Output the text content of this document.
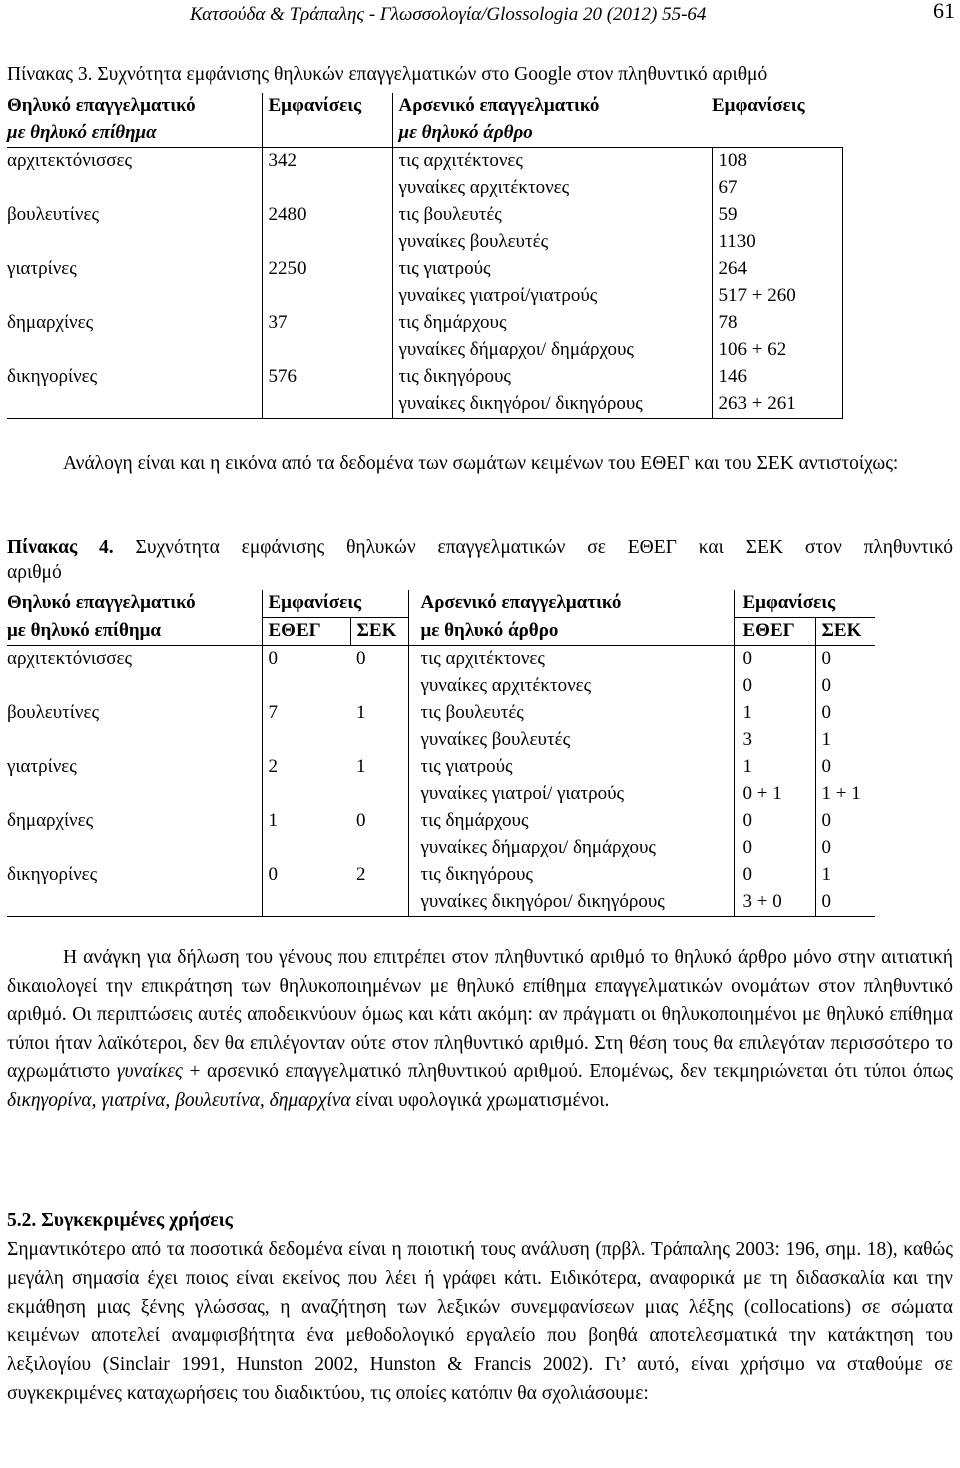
Κατσούδα & Τράπαλης - Γλωσσολογία/Glossologia 20 (2012) 55-64	61
Πίνακας 3. Συχνότητα εμφάνισης θηλυκών επαγγελματικών στο Google στον πληθυντικό αριθμό
Θηλυκό επαγγελματικό	Εμφανίσεις	Αρσενικό επαγγελματικό	Εμφανίσεις
με θηλυκό επίθημα		με θηλυκό άρθρο	
αρχιτεκτόνισσες	342	τις αρχιτέκτονες	108
		γυναίκες αρχιτέκτονες	67
βουλευτίνες	2480	τις βουλευτές	59
		γυναίκες βουλευτές	1130
γιατρίνες	2250	τις γιατρούς	264
		γυναίκες γιατροί/γιατρούς	517 + 260
δημαρχίνες	37	τις δημάρχους	78
		γυναίκες δήμαρχοι/ δημάρχους	106 + 62
δικηγορίνες	576	τις δικηγόρους	146
		γυναίκες δικηγόροι/ δικηγόρους	263 + 261
Ανάλογη είναι και η εικόνα από τα δεδομένα των σωμάτων κειμένων του ΕΘΕΓ και του ΣΕΚ αντιστοίχως:
Πίνακας 4. Συχνότητα εμφάνισης θηλυκών επαγγελματικών σε ΕΘΕΓ και ΣΕΚ στον πληθυντικό
αριθμό
Θηλυκό επαγγελματικό	Εμφανίσεις		Αρσενικό επαγγελματικό	Εμφανίσεις	
με θηλυκό επίθημα	ΕΘΕΓ	ΣΕΚ	με θηλυκό άρθρο	ΕΘΕΓ	ΣΕΚ
αρχιτεκτόνισσες	0	0	τις αρχιτέκτονες	0	0
			γυναίκες αρχιτέκτονες	0	0
βουλευτίνες	7	1	τις βουλευτές	1	0
			γυναίκες βουλευτές	3	1
γιατρίνες	2	1	τις γιατρούς	1	0
			γυναίκες γιατροί/ γιατρούς	0 + 1	1 + 1
δημαρχίνες	1	0	τις δημάρχους	0	0
			γυναίκες δήμαρχοι/ δημάρχους	0	0
δικηγορίνες	0	2	τις δικηγόρους	0	1
			γυναίκες δικηγόροι/ δικηγόρους	3 + 0	0
Η ανάγκη για δήλωση του γένους που επιτρέπει στον πληθυντικό αριθμό το θηλυκό άρθρο μόνο στην αιτιατική δικαιολογεί την επικράτηση των θηλυκοποιημένων με θηλυκό επίθημα επαγγελματικών ονομάτων στον πληθυντικό αριθμό. Οι περιπτώσεις αυτές αποδεικνύουν όμως και κάτι ακόμη: αν πράγματι οι θηλυκοποιημένοι με θηλυκό επίθημα τύποι ήταν λαϊκότεροι, δεν θα επιλέγονταν ούτε στον πληθυντικό αριθμό. Στη θέση τους θα επιλεγόταν περισσότερο το αχρωμάτιστο γυναίκες + αρσενικό επαγγελματικό πληθυντικού αριθμού. Επομένως, δεν τεκμηριώνεται ότι τύποι όπως δικηγορίνα, γιατρίνα, βουλευτίνα, δημαρχίνα είναι υφολογικά χρωματισμένοι.
5.2. Συγκεκριμένες χρήσεις
Σημαντικότερο από τα ποσοτικά δεδομένα είναι η ποιοτική τους ανάλυση (πρβλ. Τράπαλης 2003: 196, σημ. 18), καθώς μεγάλη σημασία έχει ποιος είναι εκείνος που λέει ή γράφει κάτι. Ειδικότερα, αναφορικά με τη διδασκαλία και την εκμάθηση μιας ξένης γλώσσας, η αναζήτηση των λεξικών συνεμφανίσεων μιας λέξης (collocations) σε σώματα κειμένων αποτελεί αναμφισβήτητα ένα μεθοδολογικό εργαλείο που βοηθά αποτελεσματικά την κατάκτηση του λεξιλογίου (Sinclair 1991, Hunston 2002, Hunston & Francis 2002). Γι’ αυτό, είναι χρήσιμο να σταθούμε σε συγκεκριμένες καταχωρήσεις του διαδικτύου, τις οποίες κατόπιν θα σχολιάσουμε:
